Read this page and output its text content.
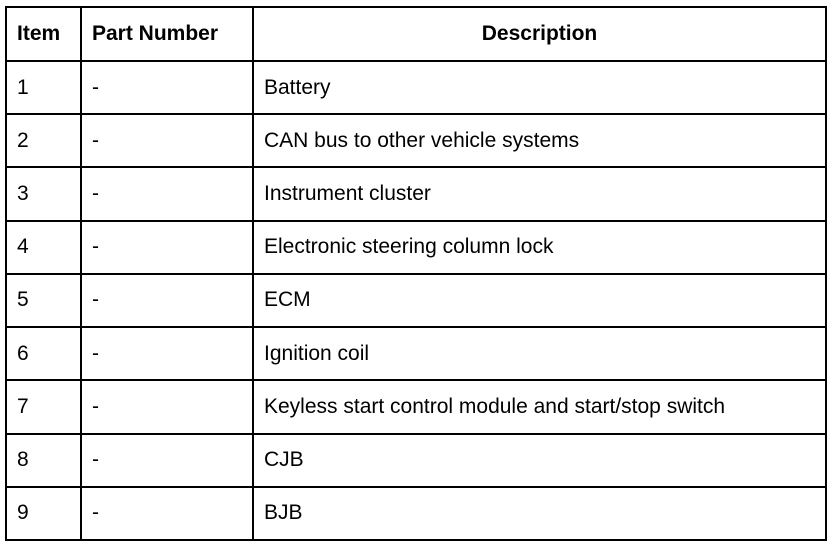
Item	Part Number	Description
1	-	Battery
2	-	CAN bus to other vehicle systems
3	-	Instrument cluster
4	-	Electronic steering column lock
5	-	ECM
6	-	Ignition coil
7	-	Keyless start control module and start/stop switch
8	-	CJB
9	-	BJB
